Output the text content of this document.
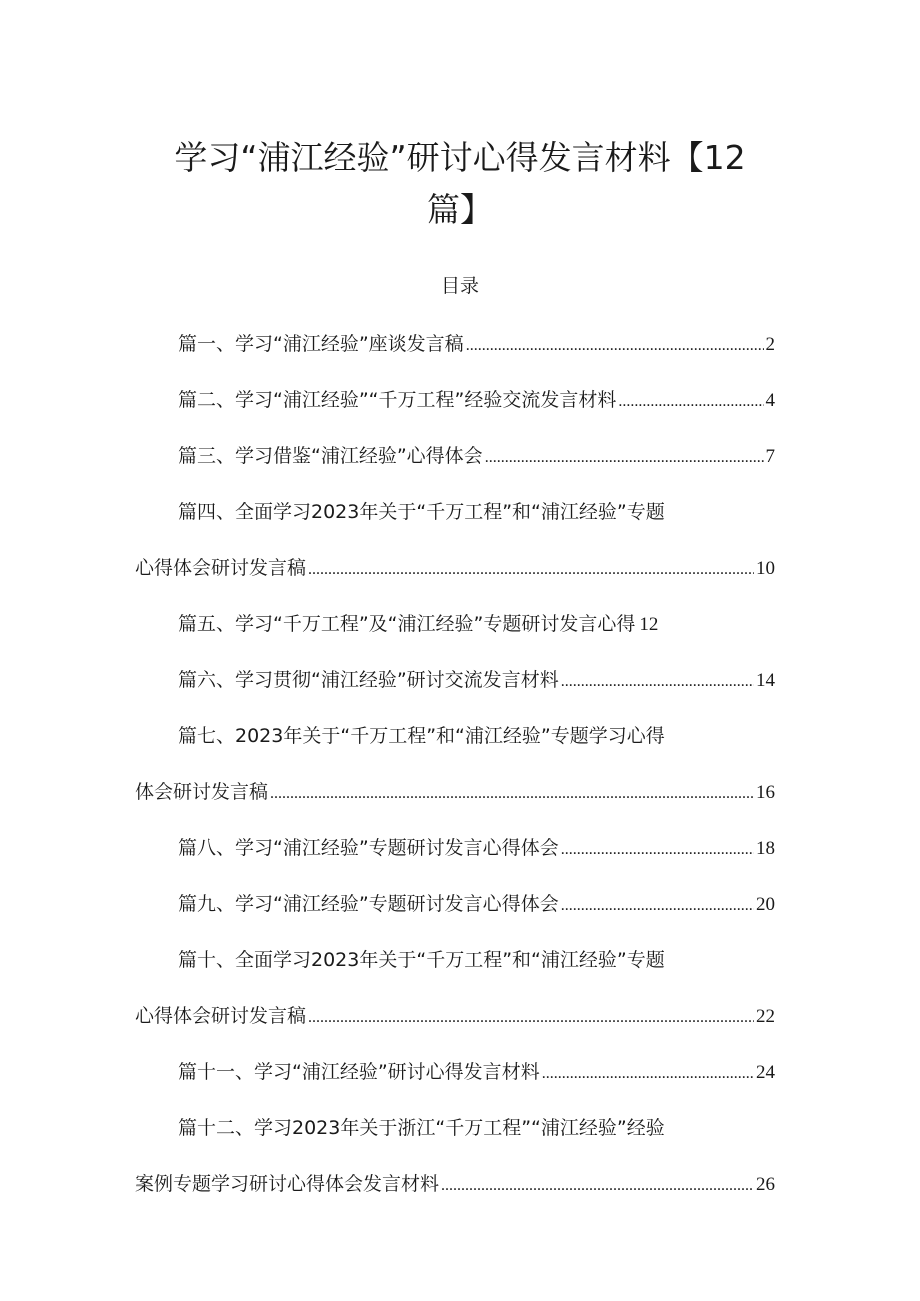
学习“浦江经验”研讨心得发言材料【12
篇】
目录
篇一、学习“浦江经验”座谈发言稿 .....	2
篇二、学习“浦江经验”“千万工程”经验交流发言材料 .....	4
篇三、学习借鉴“浦江经验”心得体会 .....	7
篇四、全面学习2023年关于“千万工程”和“浦江经验”专题
心得体会研讨发言稿 .....	10
篇五、学习“千万工程”及“浦江经验”专题研讨发言心得 12
篇六、学习贯彻“浦江经验”研讨交流发言材料 .....	14
篇七、2023年关于“千万工程”和“浦江经验”专题学习心得
体会研讨发言稿 .....	16
篇八、学习“浦江经验”专题研讨发言心得体会 .....	18
篇九、学习“浦江经验”专题研讨发言心得体会 .....	20
篇十、全面学习2023年关于“千万工程”和“浦江经验”专题
心得体会研讨发言稿 .....	22
篇十一、学习“浦江经验”研讨心得发言材料 .....	24
篇十二、学习2023年关于浙江“千万工程”“浦江经验”经验
案例专题学习研讨心得体会发言材料 .....	26
